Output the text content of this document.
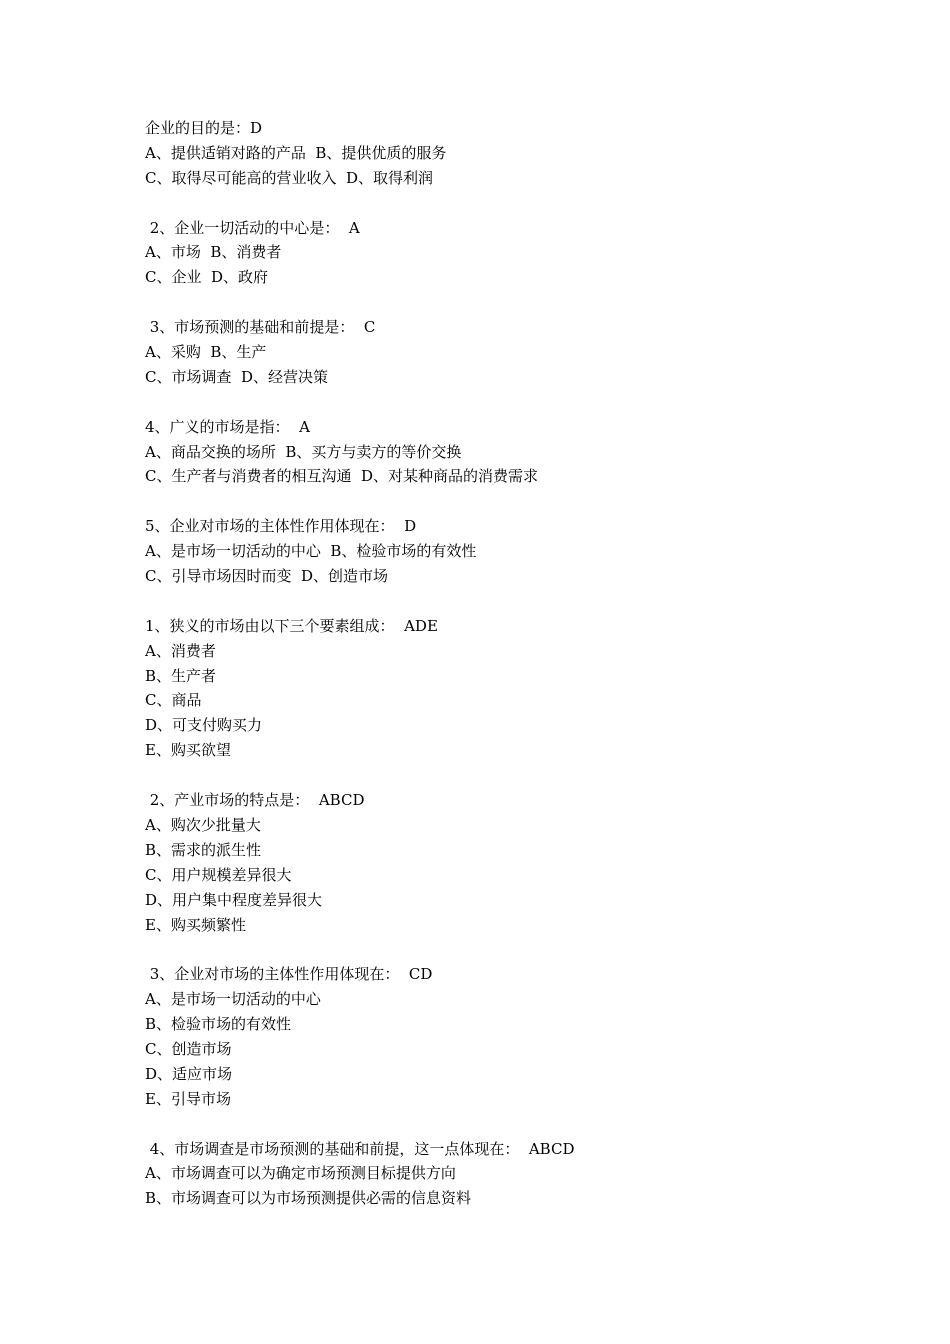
企业的目的是：D
A、提供适销对路的产品  B、提供优质的服务
C、取得尽可能高的营业收入  D、取得利润
2、企业一切活动的中心是：  A
A、市场  B、消费者
C、企业  D、政府
3、市场预测的基础和前提是：  C
A、采购  B、生产
C、市场调查  D、经营决策
4、广义的市场是指：  A
A、商品交换的场所  B、买方与卖方的等价交换
C、生产者与消费者的相互沟通  D、对某种商品的消费需求
5、企业对市场的主体性作用体现在：  D
A、是市场一切活动的中心  B、检验市场的有效性
C、引导市场因时而变  D、创造市场
1、狭义的市场由以下三个要素组成：  ADE
A、消费者
B、生产者
C、商品
D、可支付购买力
E、购买欲望
2、产业市场的特点是：  ABCD
A、购次少批量大
B、需求的派生性
C、用户规模差异很大
D、用户集中程度差异很大
E、购买频繁性
3、企业对市场的主体性作用体现在：  CD
A、是市场一切活动的中心
B、检验市场的有效性
C、创造市场
D、适应市场
E、引导市场
4、市场调查是市场预测的基础和前提，这一点体现在：  ABCD
A、市场调查可以为确定市场预测目标提供方向
B、市场调查可以为市场预测提供必需的信息资料
